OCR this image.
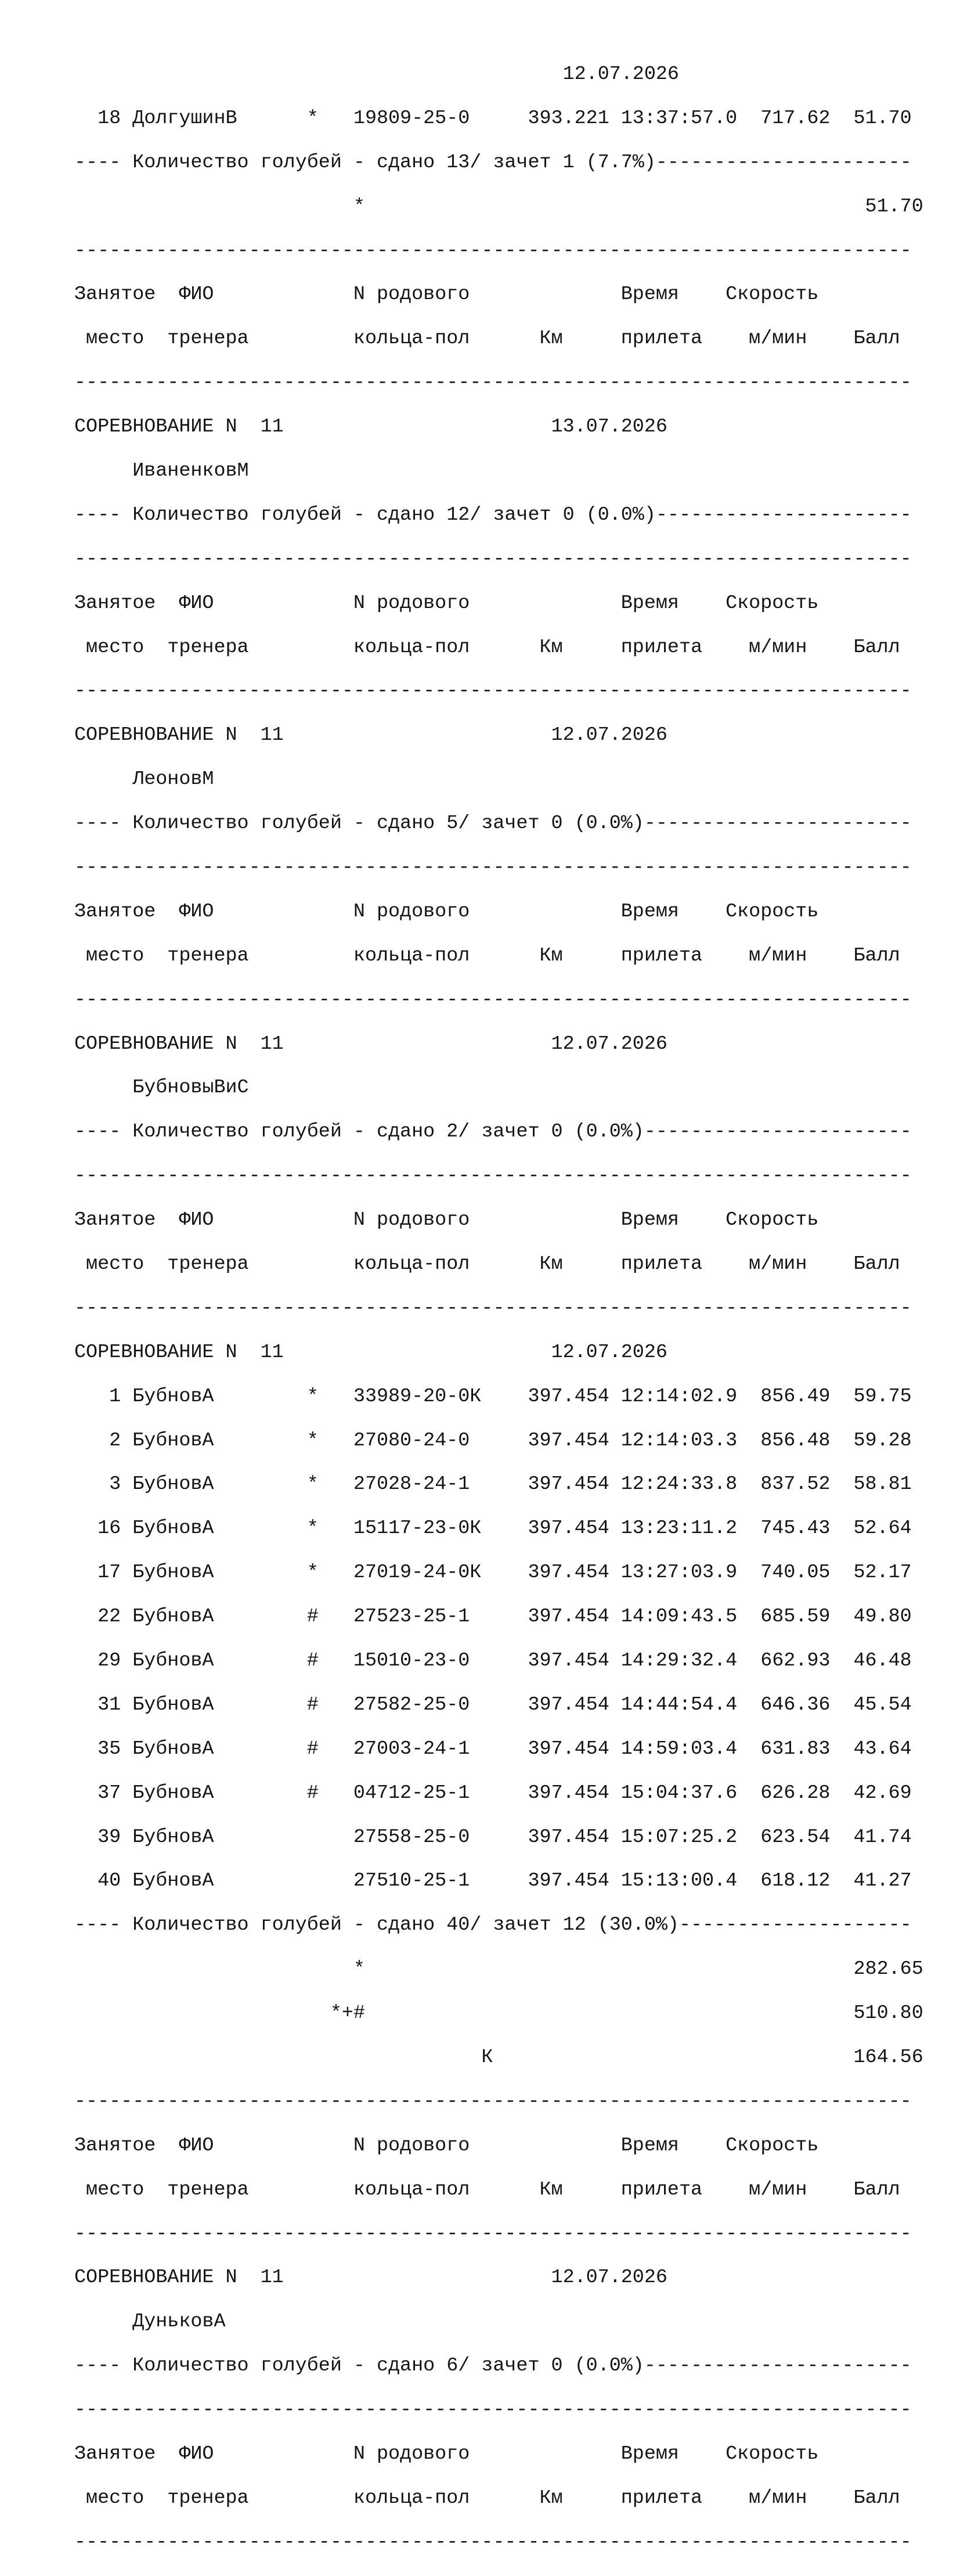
12.07.2026

18 ДолгушинВ      *   19809-25-0     393.221 13:37:57.0  717.62  51.70

---- Количество голубей - сдано 13/ зачет 1 (7.7%)----------------------

*                                           51.70

------------------------------------------------------------------------

Занятое  ФИО            N родового             Время    Скорость

место  тренера         кольца-пол      Км     прилета    м/мин    Балл

------------------------------------------------------------------------

СОРЕВНОВАНИЕ N  11                       13.07.2026

ИваненковМ

---- Количество голубей - сдано 12/ зачет 0 (0.0%)----------------------

------------------------------------------------------------------------

Занятое  ФИО            N родового             Время    Скорость

место  тренера         кольца-пол      Км     прилета    м/мин    Балл

------------------------------------------------------------------------

СОРЕВНОВАНИЕ N  11                       12.07.2026

ЛеоновМ

---- Количество голубей - сдано 5/ зачет 0 (0.0%)-----------------------

------------------------------------------------------------------------

Занятое  ФИО            N родового             Время    Скорость

место  тренера         кольца-пол      Км     прилета    м/мин    Балл

------------------------------------------------------------------------

СОРЕВНОВАНИЕ N  11                       12.07.2026

БубновыВиС

---- Количество голубей - сдано 2/ зачет 0 (0.0%)-----------------------

------------------------------------------------------------------------

Занятое  ФИО            N родового             Время    Скорость

место  тренера         кольца-пол      Км     прилета    м/мин    Балл

------------------------------------------------------------------------

СОРЕВНОВАНИЕ N  11                       12.07.2026

1 БубновА        *   33989-20-0К    397.454 12:14:02.9  856.49  59.75

2 БубновА        *   27080-24-0     397.454 12:14:03.3  856.48  59.28

3 БубновА        *   27028-24-1     397.454 12:24:33.8  837.52  58.81

16 БубновА        *   15117-23-0К    397.454 13:23:11.2  745.43  52.64

17 БубновА        *   27019-24-0К    397.454 13:27:03.9  740.05  52.17

22 БубновА        #   27523-25-1     397.454 14:09:43.5  685.59  49.80

29 БубновА        #   15010-23-0     397.454 14:29:32.4  662.93  46.48

31 БубновА        #   27582-25-0     397.454 14:44:54.4  646.36  45.54

35 БубновА        #   27003-24-1     397.454 14:59:03.4  631.83  43.64

37 БубновА        #   04712-25-1     397.454 15:04:37.6  626.28  42.69

39 БубновА            27558-25-0     397.454 15:07:25.2  623.54  41.74

40 БубновА            27510-25-1     397.454 15:13:00.4  618.12  41.27

---- Количество голубей - сдано 40/ зачет 12 (30.0%)--------------------

*                                          282.65

*+#                                          510.80

К                               164.56

------------------------------------------------------------------------

Занятое  ФИО            N родового             Время    Скорость

место  тренера         кольца-пол      Км     прилета    м/мин    Балл

------------------------------------------------------------------------

СОРЕВНОВАНИЕ N  11                       12.07.2026

ДуньковА

---- Количество голубей - сдано 6/ зачет 0 (0.0%)-----------------------

------------------------------------------------------------------------

Занятое  ФИО            N родового             Время    Скорость

место  тренера         кольца-пол      Км     прилета    м/мин    Балл

------------------------------------------------------------------------
